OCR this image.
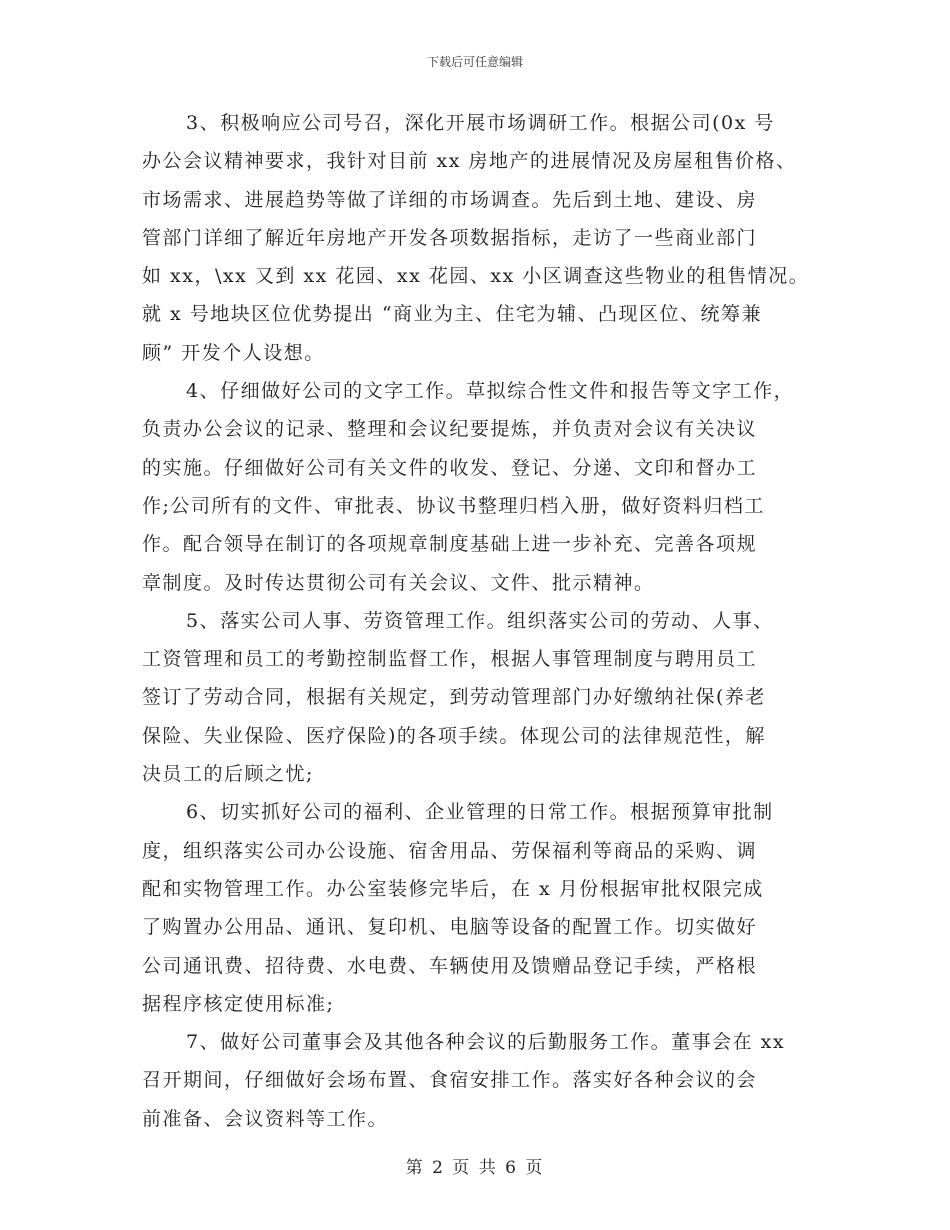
下载后可任意编辑
3、积极响应公司号召，深化开展市场调研工作。根据公司(0x 号
办公会议精神要求，我针对目前 xx 房地产的进展情况及房屋租售价格、
市场需求、进展趋势等做了详细的市场调查。先后到土地、建设、房
管部门详细了解近年房地产开发各项数据指标，走访了一些商业部门
如 xx，\xx 又到 xx 花园、xx 花园、xx 小区调查这些物业的租售情况。
就 x 号地块区位优势提出 “商业为主、住宅为辅、凸现区位、统筹兼
顾” 开发个人设想。
4、仔细做好公司的文字工作。草拟综合性文件和报告等文字工作，
负责办公会议的记录、整理和会议纪要提炼，并负责对会议有关决议
的实施。仔细做好公司有关文件的收发、登记、分递、文印和督办工
作;公司所有的文件、审批表、协议书整理归档入册，做好资料归档工
作。配合领导在制订的各项规章制度基础上进一步补充、完善各项规
章制度。及时传达贯彻公司有关会议、文件、批示精神。
5、落实公司人事、劳资管理工作。组织落实公司的劳动、人事、
工资管理和员工的考勤控制监督工作，根据人事管理制度与聘用员工
签订了劳动合同，根据有关规定，到劳动管理部门办好缴纳社保(养老
保险、失业保险、医疗保险)的各项手续。体现公司的法律规范性，解
决员工的后顾之忧;
6、切实抓好公司的福利、企业管理的日常工作。根据预算审批制
度，组织落实公司办公设施、宿舍用品、劳保福利等商品的采购、调
配和实物管理工作。办公室装修完毕后，在 x 月份根据审批权限完成
了购置办公用品、通讯、复印机、电脑等设备的配置工作。切实做好
公司通讯费、招待费、水电费、车辆使用及馈赠品登记手续，严格根
据程序核定使用标准;
7、做好公司董事会及其他各种会议的后勤服务工作。董事会在 xx
召开期间，仔细做好会场布置、食宿安排工作。落实好各种会议的会
前准备、会议资料等工作。
第 2 页 共 6 页
